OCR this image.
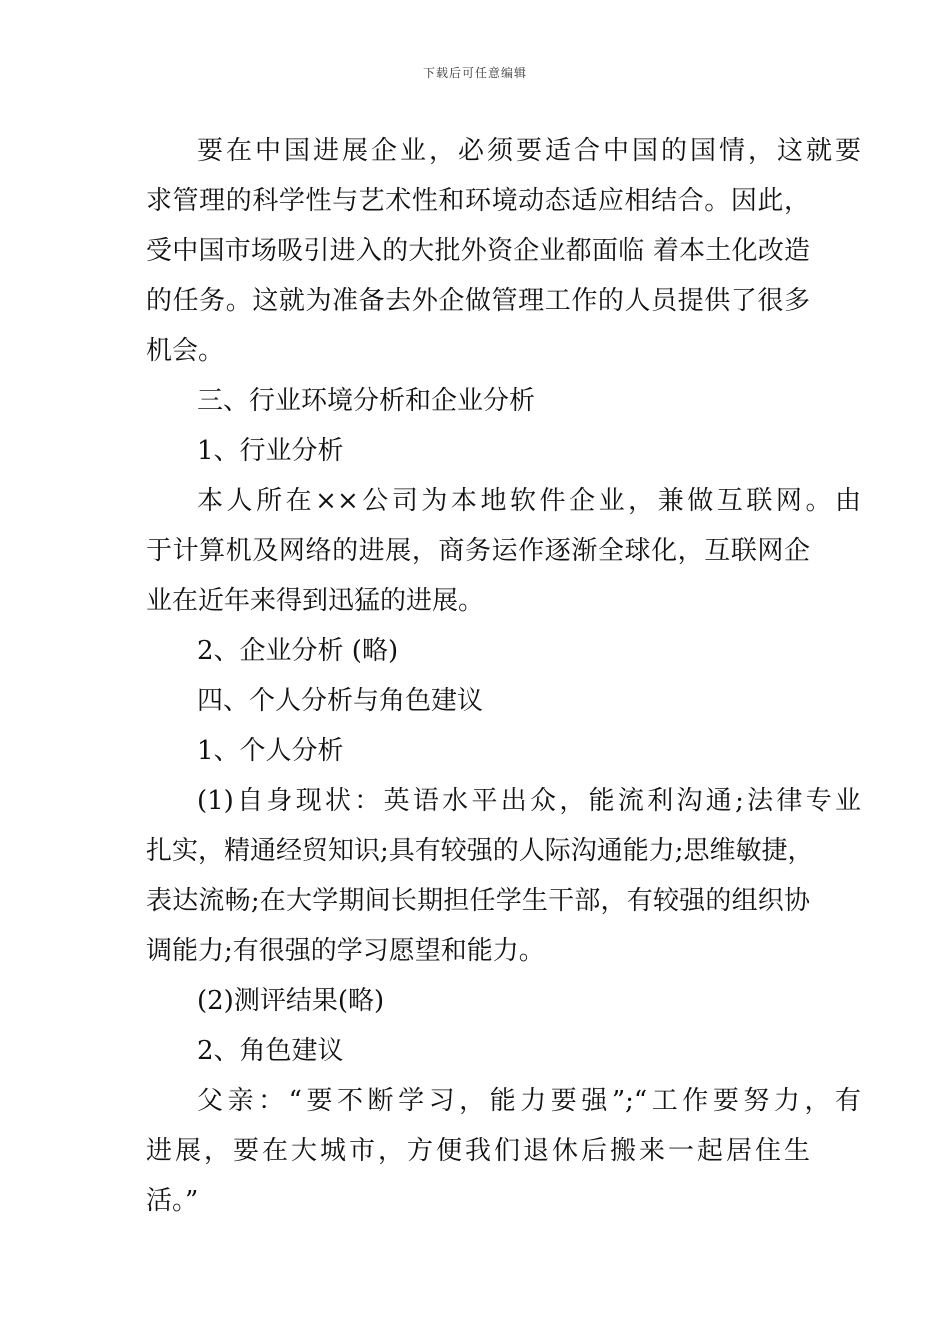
下载后可任意编辑
要在中国进展企业，必须要适合中国的国情，这就要
求管理的科学性与艺术性和环境动态适应相结合。因此，
受中国市场吸引进入的大批外资企业都面临 着本土化改造
的任务。这就为准备去外企做管理工作的人员提供了很多
机会。
三、行业环境分析和企业分析
1、行业分析
本人所在××公司为本地软件企业，兼做互联网。由
于计算机及网络的进展，商务运作逐渐全球化，互联网企
业在近年来得到迅猛的进展。
2、企业分析 (略)
四、个人分析与角色建议
1、个人分析
(1)自身现状：英语水平出众，能流利沟通;法律专业
扎实，精通经贸知识;具有较强的人际沟通能力;思维敏捷，
表达流畅;在大学期间长期担任学生干部，有较强的组织协
调能力;有很强的学习愿望和能力。
(2)测评结果(略)
2、角色建议
父亲：“要不断学习，能力要强”;“工作要努力，有
进展，要在大城市，方便我们退休后搬来一起居住生
活。”
